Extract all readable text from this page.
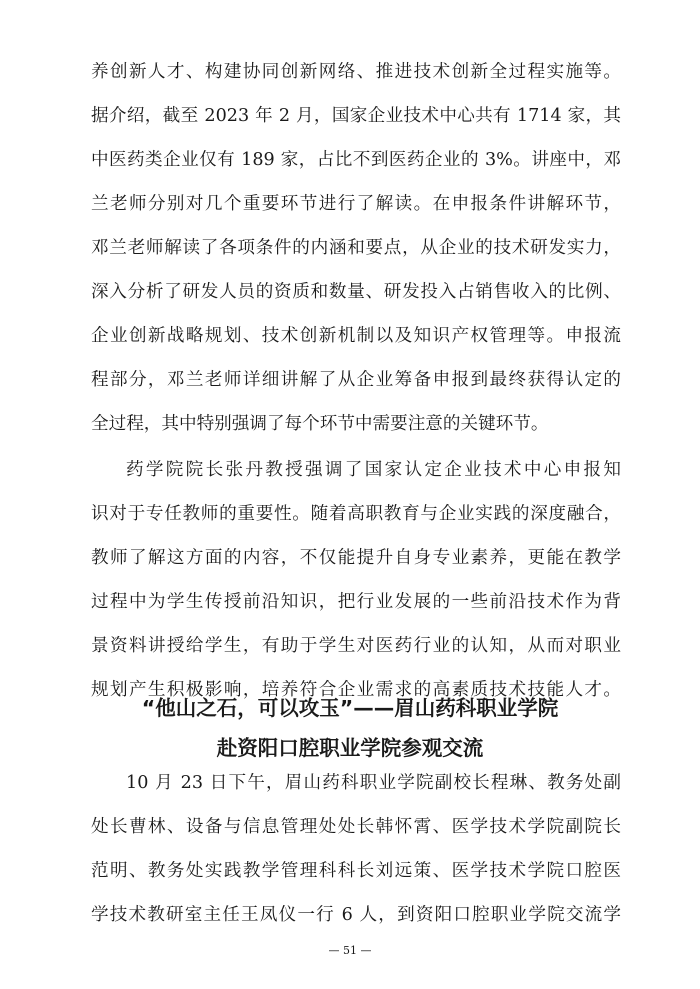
养创新人才、构建协同创新网络、推进技术创新全过程实施等。
据介绍，截至 2023 年 2 月，国家企业技术中心共有 1714 家，其
中医药类企业仅有 189 家，占比不到医药企业的 3%。讲座中，邓
兰老师分别对几个重要环节进行了解读。在申报条件讲解环节，
邓兰老师解读了各项条件的内涵和要点，从企业的技术研发实力，
深入分析了研发人员的资质和数量、研发投入占销售收入的比例、
企业创新战略规划、技术创新机制以及知识产权管理等。申报流
程部分，邓兰老师详细讲解了从企业筹备申报到最终获得认定的
全过程，其中特别强调了每个环节中需要注意的关键环节。
药学院院长张丹教授强调了国家认定企业技术中心申报知
识对于专任教师的重要性。随着高职教育与企业实践的深度融合，
教师了解这方面的内容，不仅能提升自身专业素养，更能在教学
过程中为学生传授前沿知识，把行业发展的一些前沿技术作为背
景资料讲授给学生，有助于学生对医药行业的认知，从而对职业
规划产生积极影响，培养符合企业需求的高素质技术技能人才。
“他山之石，可以攻玉”——眉山药科职业学院
赴资阳口腔职业学院参观交流
10 月 23 日下午，眉山药科职业学院副校长程琳、教务处副
处长曹林、设备与信息管理处处长韩怀霄、医学技术学院副院长
范明、教务处实践教学管理科科长刘远策、医学技术学院口腔医
学技术教研室主任王凤仪一行 6 人，到资阳口腔职业学院交流学
— 51 —
